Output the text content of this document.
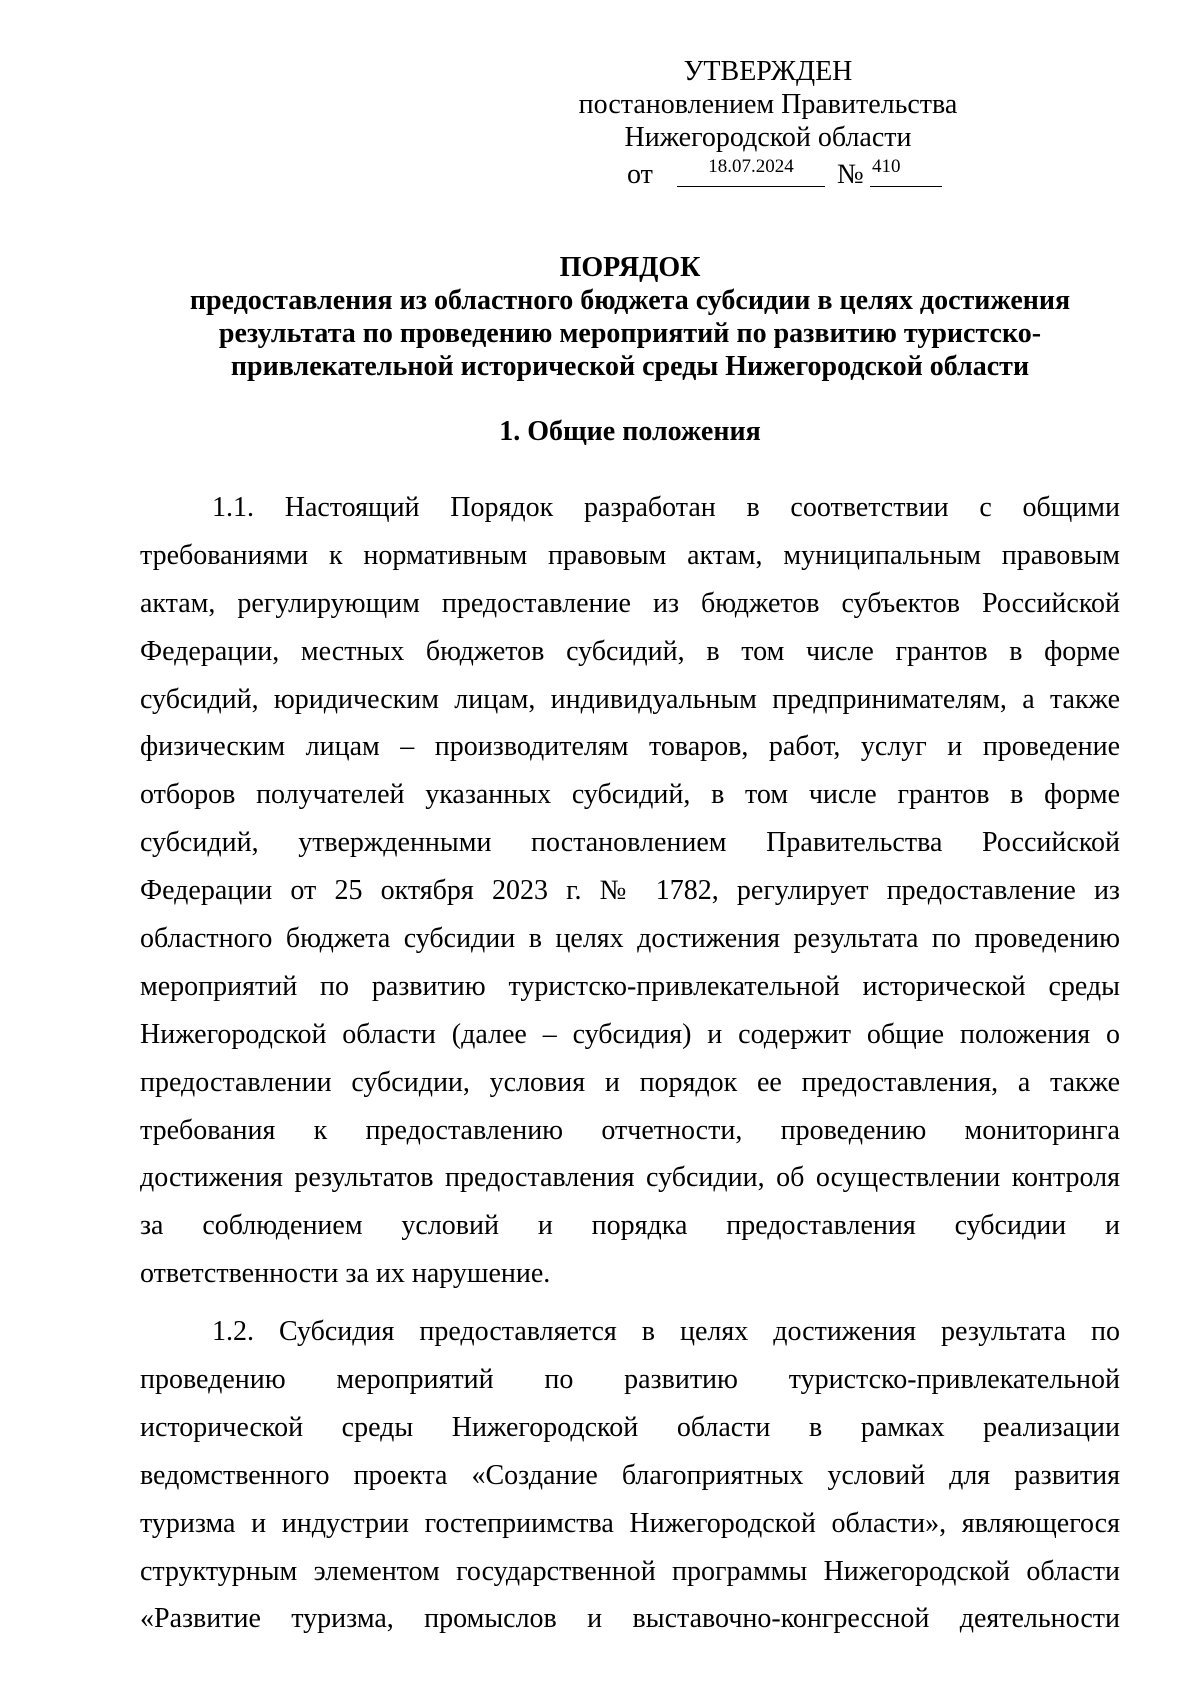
УТВЕРЖДЕН
постановлением Правительства
Нижегородской области
от	18.07.2024	№ 410
ПОРЯДОК
предоставления из областного бюджета субсидии в целях достижения
результата по проведению мероприятий по развитию туристско-
привлекательной исторической среды Нижегородской области
1. Общие положения
1.1. Настоящий Порядок разработан в соответствии с общими
требованиями к нормативным правовым актам, муниципальным правовым
актам, регулирующим предоставление из бюджетов субъектов Российской
Федерации, местных бюджетов субсидий, в том числе грантов в форме
субсидий, юридическим лицам, индивидуальным предпринимателям, а также
физическим лицам – производителям товаров, работ, услуг и проведение
отборов получателей указанных субсидий, в том числе грантов в форме
субсидий, утвержденными постановлением Правительства Российской
Федерации от 25 октября 2023 г. № 1782, регулирует предоставление из
областного бюджета субсидии в целях достижения результата по проведению
мероприятий по развитию туристско-привлекательной исторической среды
Нижегородской области (далее – субсидия) и содержит общие положения о
предоставлении субсидии, условия и порядок ее предоставления, а также
требования к предоставлению отчетности, проведению мониторинга
достижения результатов предоставления субсидии, об осуществлении контроля
за соблюдением условий и порядка предоставления субсидии и
ответственности за их нарушение.
1.2. Субсидия предоставляется в целях достижения результата по
проведению мероприятий по развитию туристско-привлекательной
исторической среды Нижегородской области в рамках реализации
ведомственного проекта «Создание благоприятных условий для развития
туризма и индустрии гостеприимства Нижегородской области», являющегося
структурным элементом государственной программы Нижегородской области
«Развитие туризма, промыслов и выставочно-конгрессной деятельности
